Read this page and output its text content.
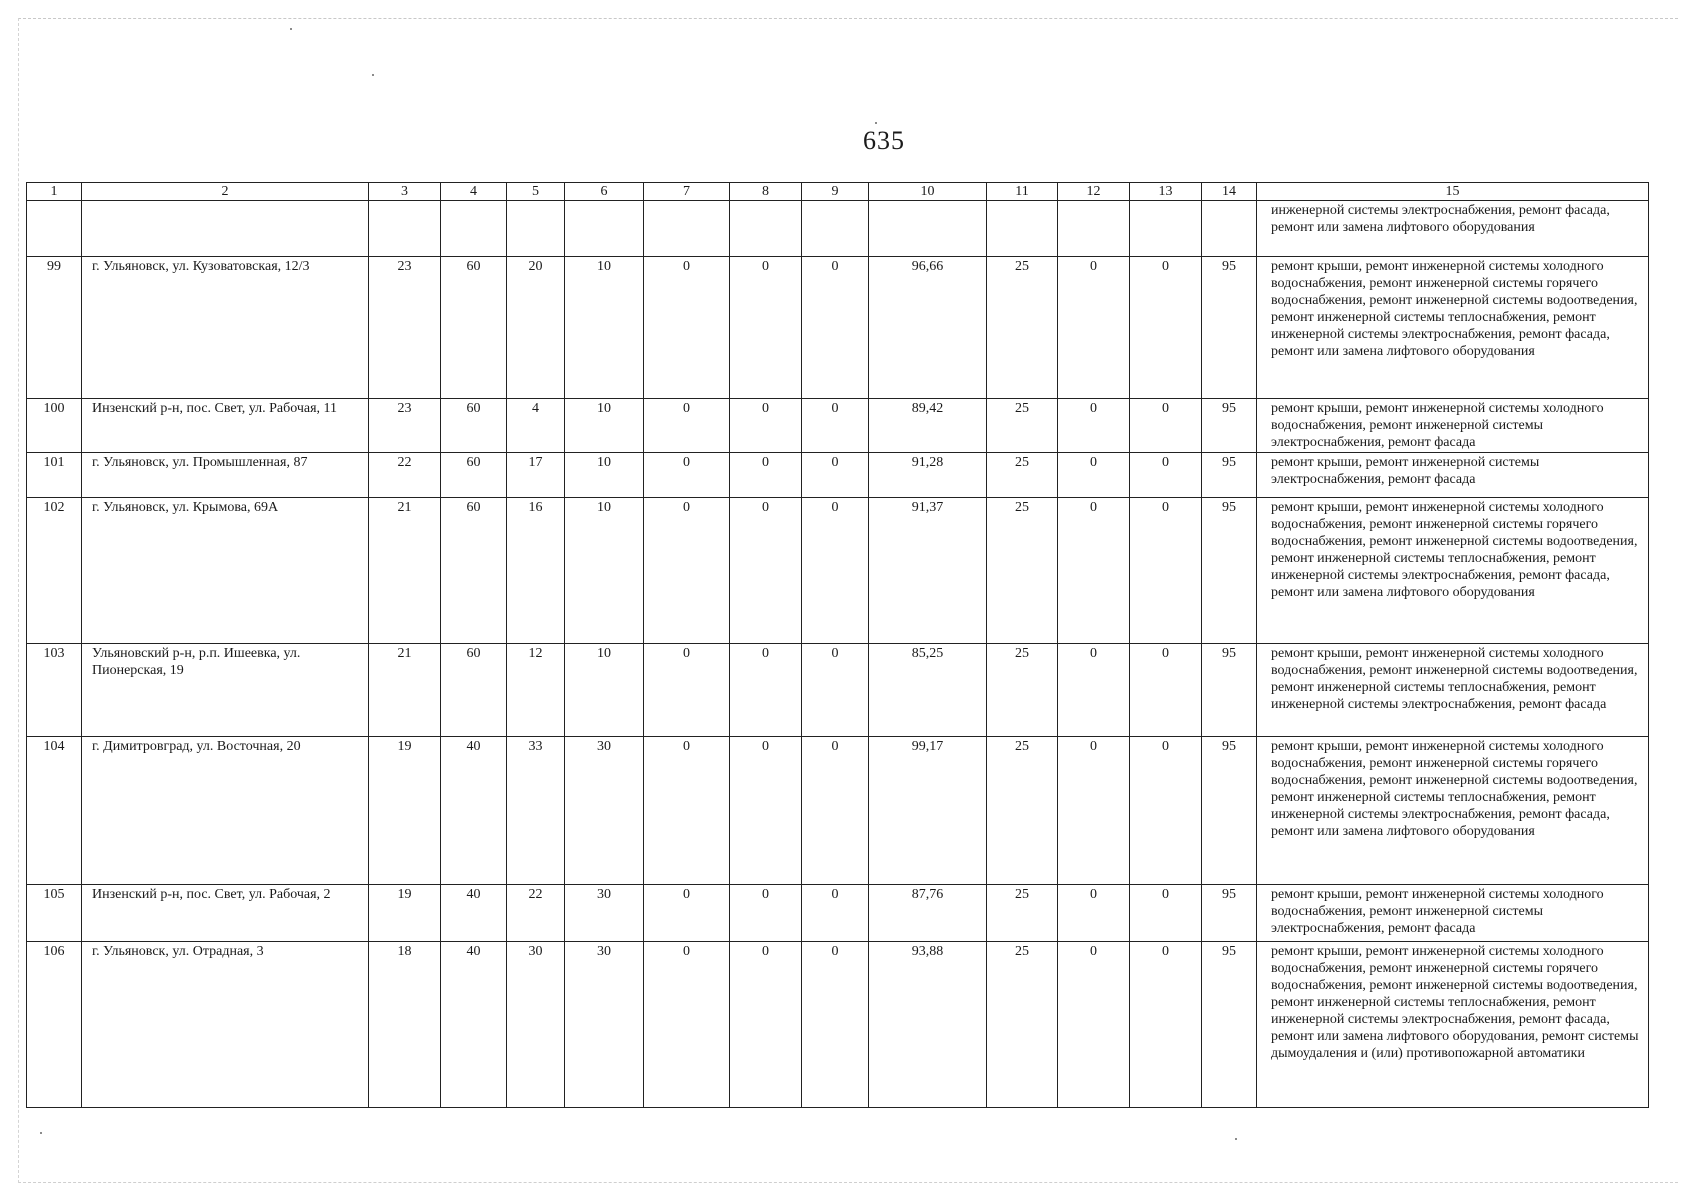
635
1	2	3	4	5	6	7	8	9	10	11	12	13	14	15
														инженерной системы электроснабжения, ремонт фасада, ремонт или замена лифтового оборудования
99	г. Ульяновск, ул. Кузоватовская, 12/3	23	60	20	10	0	0	0	96,66	25	0	0	95	ремонт крыши, ремонт инженерной системы холодного водоснабжения, ремонт инженерной системы горячего водоснабжения, ремонт инженерной системы водоотведения, ремонт инженерной системы теплоснабжения, ремонт инженерной системы электроснабжения, ремонт фасада, ремонт или замена лифтового оборудования
100	Инзенский р-н, пос. Свет, ул. Рабочая, 11	23	60	4	10	0	0	0	89,42	25	0	0	95	ремонт крыши, ремонт инженерной системы холодного водоснабжения, ремонт инженерной системы электроснабжения, ремонт фасада
101	г. Ульяновск, ул. Промышленная, 87	22	60	17	10	0	0	0	91,28	25	0	0	95	ремонт крыши, ремонт инженерной системы электроснабжения, ремонт фасада
102	г. Ульяновск, ул. Крымова, 69А	21	60	16	10	0	0	0	91,37	25	0	0	95	ремонт крыши, ремонт инженерной системы холодного водоснабжения, ремонт инженерной системы горячего водоснабжения, ремонт инженерной системы водоотведения, ремонт инженерной системы теплоснабжения, ремонт инженерной системы электроснабжения, ремонт фасада, ремонт или замена лифтового оборудования
103	Ульяновский р-н, р.п. Ишеевка, ул. Пионерская, 19	21	60	12	10	0	0	0	85,25	25	0	0	95	ремонт крыши, ремонт инженерной системы холодного водоснабжения, ремонт инженерной системы водоотведения, ремонт инженерной системы теплоснабжения, ремонт инженерной системы электроснабжения, ремонт фасада
104	г. Димитровград, ул. Восточная, 20	19	40	33	30	0	0	0	99,17	25	0	0	95	ремонт крыши, ремонт инженерной системы холодного водоснабжения, ремонт инженерной системы горячего водоснабжения, ремонт инженерной системы водоотведения, ремонт инженерной системы теплоснабжения, ремонт инженерной системы электроснабжения, ремонт фасада, ремонт или замена лифтового оборудования
105	Инзенский р-н, пос. Свет, ул. Рабочая, 2	19	40	22	30	0	0	0	87,76	25	0	0	95	ремонт крыши, ремонт инженерной системы холодного водоснабжения, ремонт инженерной системы электроснабжения, ремонт фасада
106	г. Ульяновск, ул. Отрадная, 3	18	40	30	30	0	0	0	93,88	25	0	0	95	ремонт крыши, ремонт инженерной системы холодного водоснабжения, ремонт инженерной системы горячего водоснабжения, ремонт инженерной системы водоотведения, ремонт инженерной системы теплоснабжения, ремонт инженерной системы электроснабжения, ремонт фасада, ремонт или замена лифтового оборудования, ремонт системы дымоудаления и (или) противопожарной автоматики
